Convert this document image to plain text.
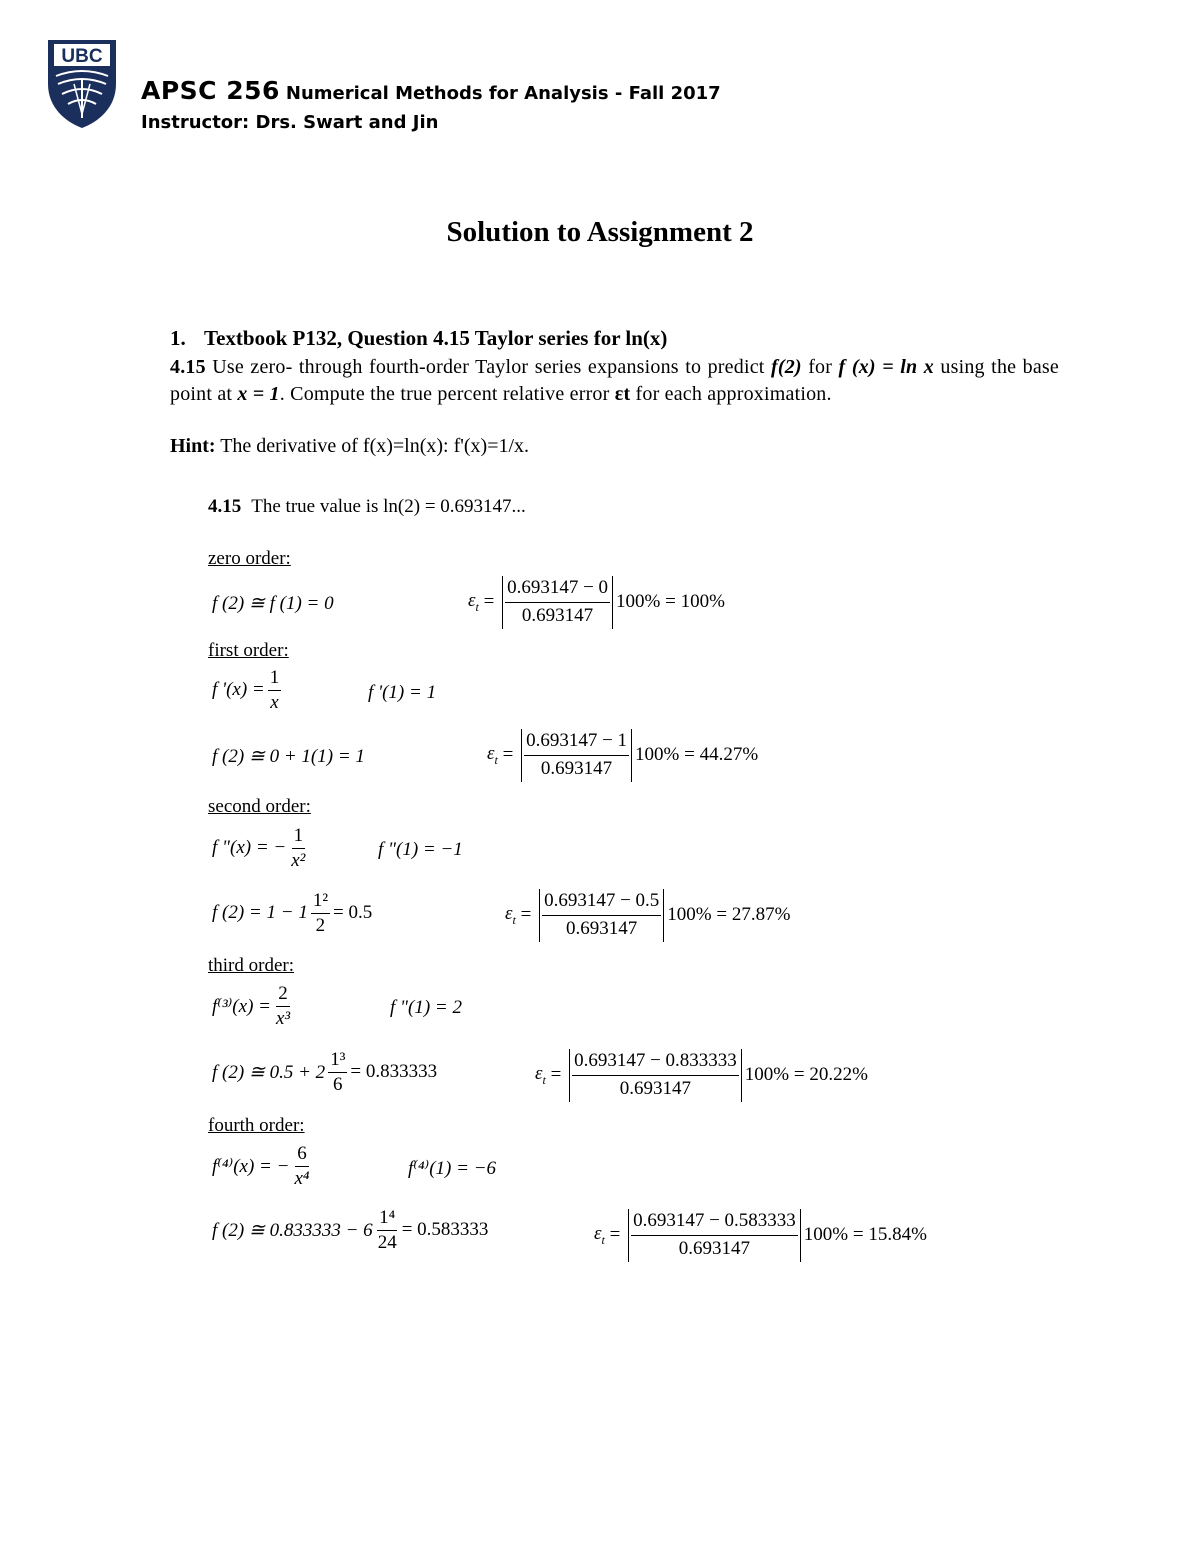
UBC
APSC 256 Numerical Methods for Analysis - Fall 2017
Instructor: Drs. Swart and Jin
Solution to Assignment 2
1. Textbook P132, Question 4.15 Taylor series for ln(x)
4.15 Use zero- through fourth-order Taylor series expansions to predict f(2) for f (x) = ln x using the base point at x = 1. Compute the true percent relative error εt for each approximation.
Hint: The derivative of f(x)=ln(x): f'(x)=1/x.
4.15 The true value is ln(2) = 0.693147...
zero order:
f (2) ≅ f (1) = 0	$\varepsilon_t = \frac{0.693147 - 0}{0.693147} 100\% = 100\%$
first order:
f '$(x) = \frac{1}{x}$	f '(1) = 1
f (2) ≅ 0 + 1(1) = 1	$\varepsilon_t = \frac{0.693147 - 1}{0.693147} 100\% = 44.27\%$
second order:
f "(x) = − $\frac{1}{\text{x²}}$	f "(1) = −1
f $(2) = 1 - 1 \frac{\text{1²}}{2} = 0.5$	$\varepsilon_t = \frac{0.693147 - 0.5}{0.693147} 100\% = 27.87\%$
third order:
$f^{(3)}(x) = \frac{2}{\text{x³}}$	f "(1) = 2
f (2) ≅ $0.5 + 2 \frac{\text{1³}}{6} = 0.833333$	$\varepsilon_t = \frac{0.693147 - 0.833333}{0.693147} 100\% = 20.22\%$
fourth order:
f⁽⁴⁾(x) = − $\frac{6}{\text{x⁴}}$	f⁽⁴⁾(1) = −6
f (2) ≅ $0.833333 - 6 \frac{\text{1⁴}}{24} = 0.583333$	$\varepsilon_t = \frac{0.693147 - 0.583333}{0.693147} 100\% = 15.84\%$
